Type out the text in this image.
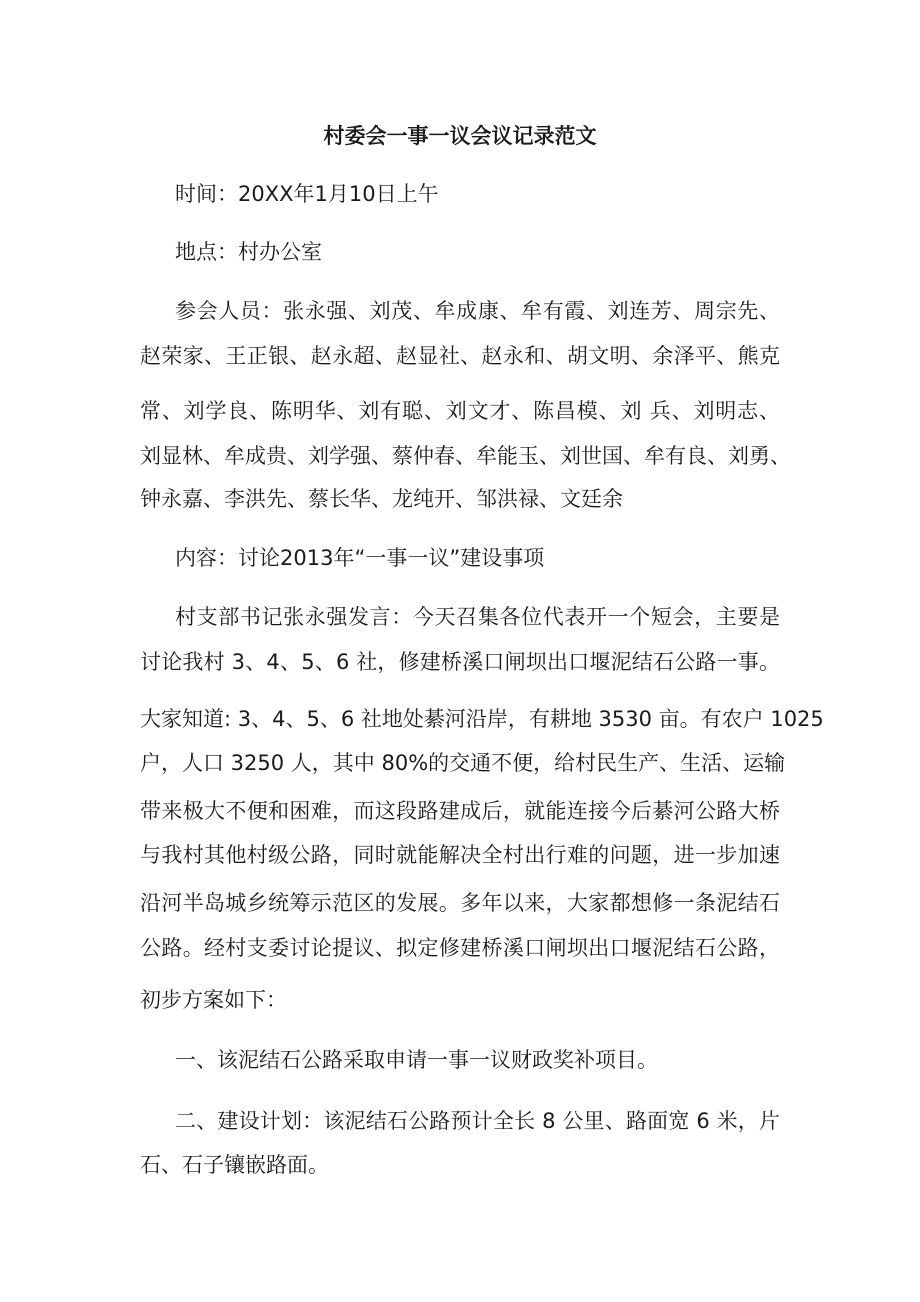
村委会一事一议会议记录范文
时间：20XX年1月10日上午
地点：村办公室
参会人员：张永强、刘茂、牟成康、牟有霞、刘连芳、周宗先、
赵荣家、王正银、赵永超、赵显社、赵永和、胡文明、余泽平、熊克
常、刘学良、陈明华、刘有聪、刘文才、陈昌模、刘 兵、刘明志、
刘显林、牟成贵、刘学强、蔡仲春、牟能玉、刘世国、牟有良、刘勇、
钟永嘉、李洪先、蔡长华、龙纯开、邹洪禄、文廷余
内容：讨论2013年“一事一议”建设事项
村支部书记张永强发言：今天召集各位代表开一个短会，主要是
讨论我村 3、4、5、6 社，修建桥溪口闸坝出口堰泥结石公路一事。
大家知道: 3、4、5、6 社地处綦河沿岸，有耕地 3530 亩。有农户 1025
户，人口 3250 人，其中 80%的交通不便，给村民生产、生活、运输
带来极大不便和困难，而这段路建成后，就能连接今后綦河公路大桥
与我村其他村级公路，同时就能解决全村出行难的问题，进一步加速
沿河半岛城乡统筹示范区的发展。多年以来，大家都想修一条泥结石
公路。经村支委讨论提议、拟定修建桥溪口闸坝出口堰泥结石公路，
初步方案如下：
一、该泥结石公路采取申请一事一议财政奖补项目。
二、建设计划：该泥结石公路预计全长 8 公里、路面宽 6 米，片
石、石子镶嵌路面。
